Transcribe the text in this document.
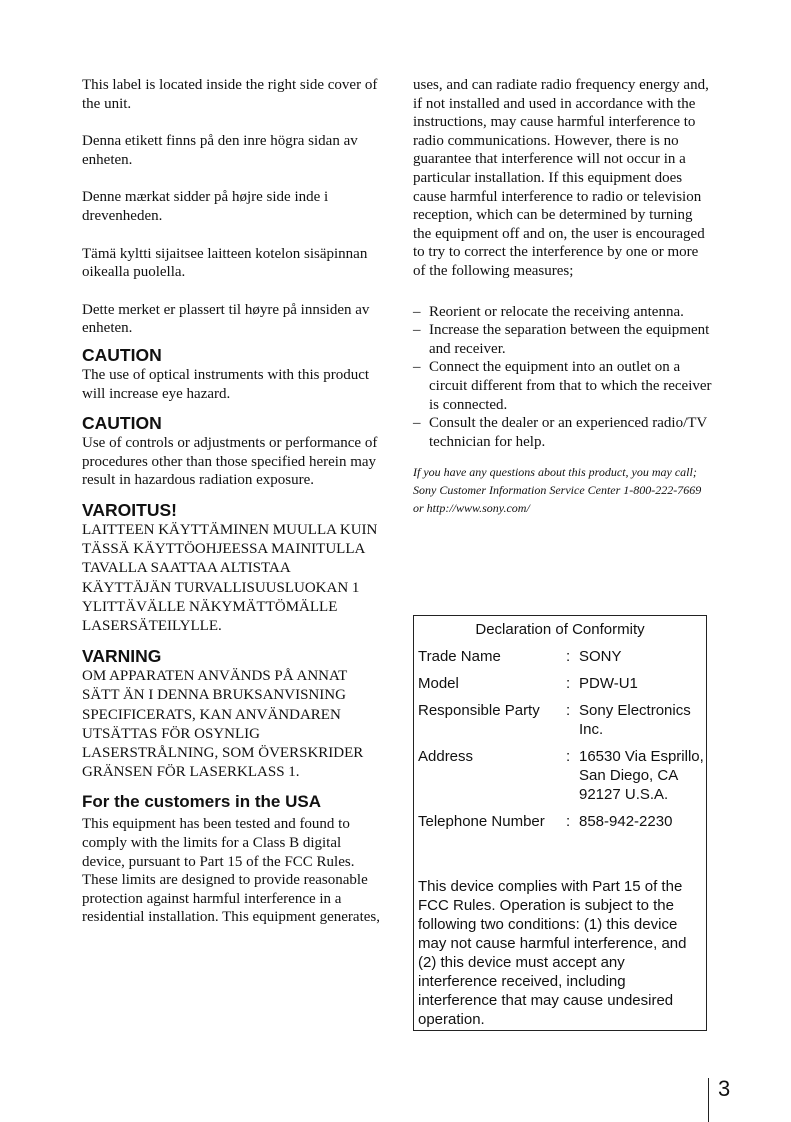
This label is located inside the right side cover of the unit.

Denna etikett finns på den inre högra sidan av enheten.

Denne mærkat sidder på højre side inde i drevenheden.

Tämä kyltti sijaitsee laitteen kotelon sisäpinnan oikealla puolella.

Dette merket er plassert til høyre på innsiden av enheten.

CAUTION

The use of optical instruments with this product will increase eye hazard.

CAUTION

Use of controls or adjustments or performance of procedures other than those specified herein may result in hazardous radiation exposure.

VAROITUS!

LAITTEEN KÄYTTÄMINEN MUULLA KUIN TÄSSÄ KÄYTTÖOHJEESSA MAINITULLA TAVALLA SAATTAA ALTISTAA KÄYTTÄJÄN TURVALLISUUSLUOKAN 1 YLITTÄVÄLLE NÄKYMÄTTÖMÄLLE LASERSÄTEILYLLE.

VARNING

OM APPARATEN ANVÄNDS PÅ ANNAT SÄTT ÄN I DENNA BRUKSANVISNING SPECIFICERATS, KAN ANVÄNDAREN UTSÄTTAS FÖR OSYNLIG LASERSTRÅLNING, SOM ÖVERSKRIDER GRÄNSEN FÖR LASERKLASS 1.

For the customers in the USA

This equipment has been tested and found to comply with the limits for a Class B digital device, pursuant to Part 15 of the FCC Rules. These limits are designed to provide reasonable protection against harmful interference in a residential installation. This equipment generates,

uses, and can radiate radio frequency energy and, if not installed and used in accordance with the instructions, may cause harmful interference to radio communications. However, there is no guarantee that interference will not occur in a particular installation. If this equipment does cause harmful interference to radio or television reception, which can be determined by turning the equipment off and on, the user is encouraged to try to correct the interference by one or more of the following measures;

– Reorient or relocate the receiving antenna.
– Increase the separation between the equipment and receiver.
– Connect the equipment into an outlet on a circuit different from that to which the receiver is connected.
– Consult the dealer or an experienced radio/TV technician for help.

If you have any questions about this product, you may call; Sony Customer Information Service Center 1-800-222-7669 or http://www.sony.com/

Declaration of Conformity
Trade Name	: SONY
Model	: PDW-U1
Responsible Party	: Sony Electronics Inc.
Address	: 16530 Via Esprillo, San Diego, CA 92127 U.S.A.
Telephone Number	: 858-942-2230

This device complies with Part 15 of the FCC Rules. Operation is subject to the following two conditions: (1) this device may not cause harmful interference, and (2) this device must accept any interference received, including interference that may cause undesired operation.

3
